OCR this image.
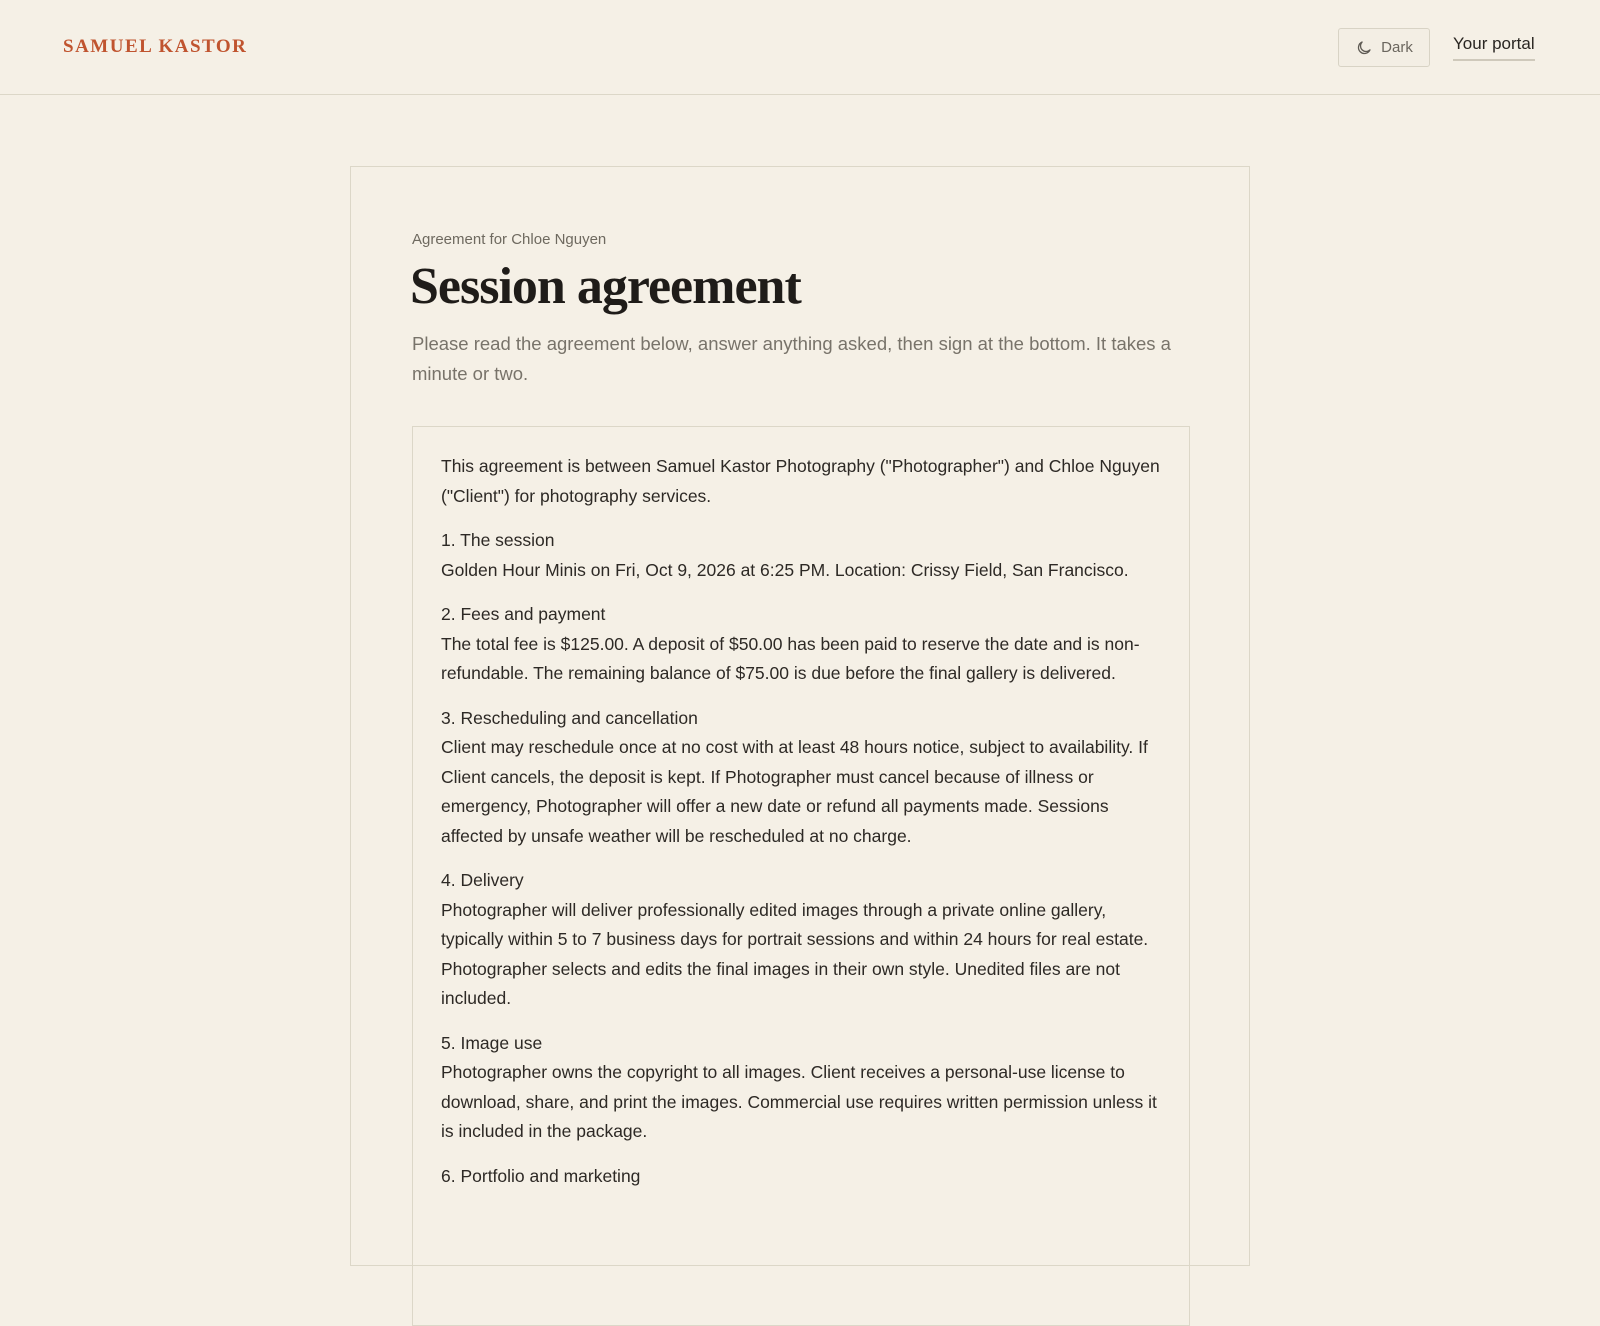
SAMUEL KASTOR	Dark Your portal
Agreement for Chloe Nguyen
Session agreement

Please read the agreement below, answer anything asked, then sign at the bottom. It takes a minute or two.

This agreement is between Samuel Kastor Photography ("Photographer") and Chloe Nguyen ("Client") for photography services.

1. The session

Golden Hour Minis on Fri, Oct 9, 2026 at 6:25 PM. Location: Crissy Field, San Francisco.

2. Fees and payment

The total fee is $125.00. A deposit of $50.00 has been paid to reserve the date and is non-refundable. The remaining balance of $75.00 is due before the final gallery is delivered.

3. Rescheduling and cancellation

Client may reschedule once at no cost with at least 48 hours notice, subject to availability. If Client cancels, the deposit is kept. If Photographer must cancel because of illness or emergency, Photographer will offer a new date or refund all payments made. Sessions affected by unsafe weather will be rescheduled at no charge.

4. Delivery

Photographer will deliver professionally edited images through a private online gallery, typically within 5 to 7 business days for portrait sessions and within 24 hours for real estate. Photographer selects and edits the final images in their own style. Unedited files are not included.

5. Image use

Photographer owns the copyright to all images. Client receives a personal-use license to download, share, and print the images. Commercial use requires written permission unless it is included in the package.

6. Portfolio and marketing
